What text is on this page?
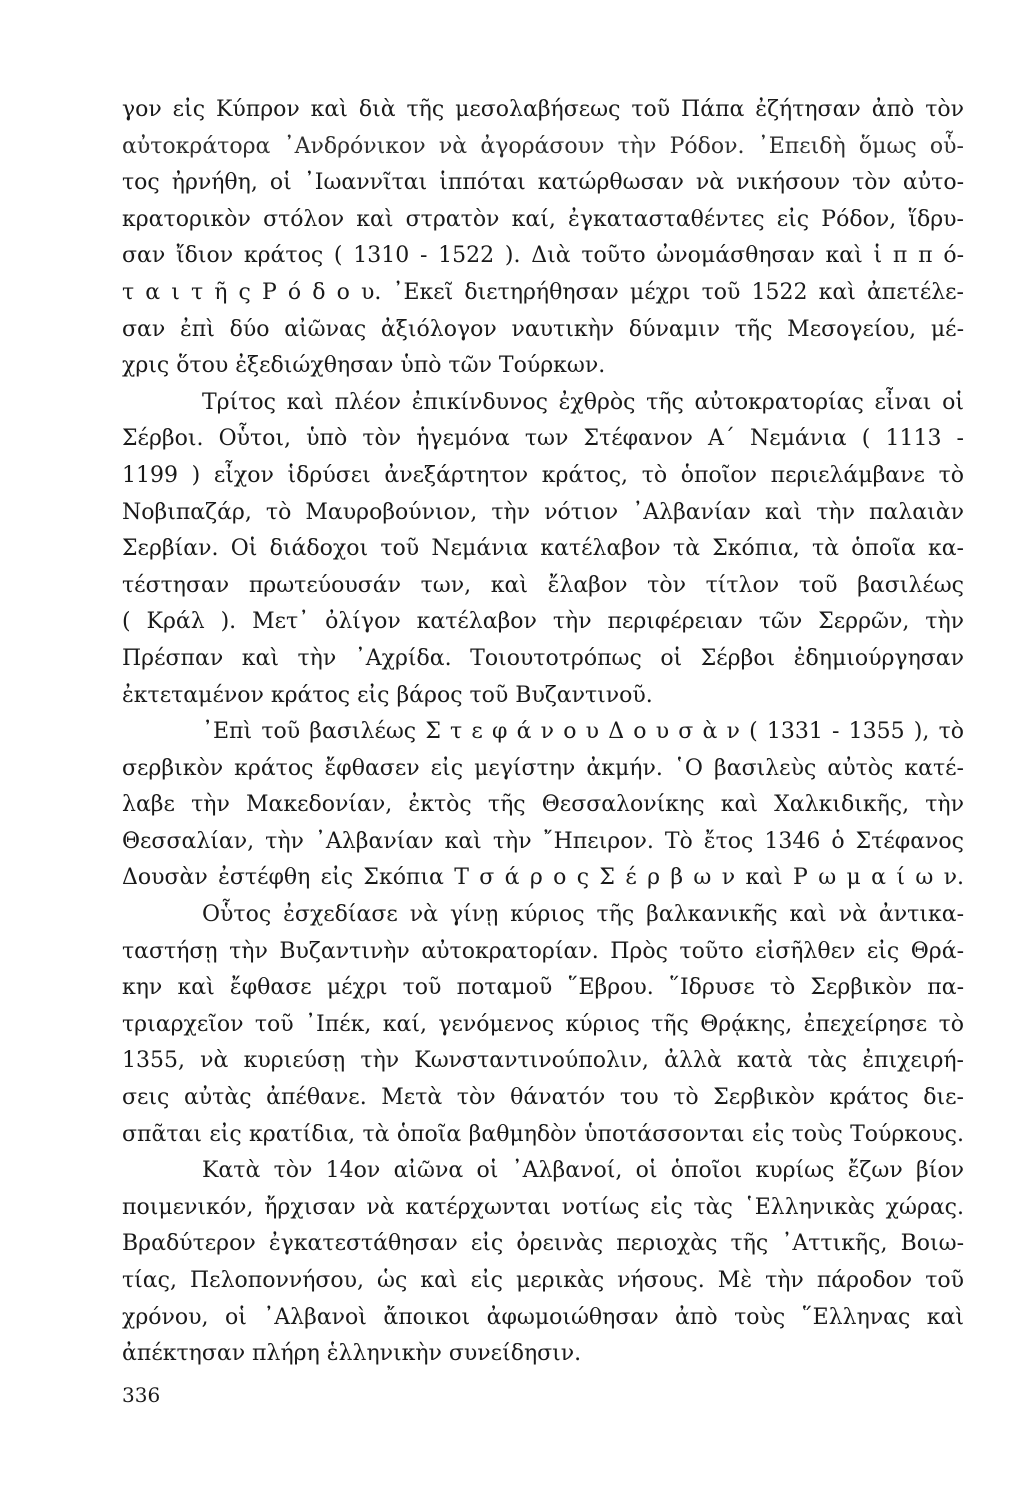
γον εἰς Κύπρον καὶ διὰ τῆς μεσολαβήσεως τοῦ Πάπα ἐζήτησαν ἀπὸ τὸν
αὐτοκράτορα ᾿Ανδρόνικον νὰ ἀγοράσουν τὴν Ρόδον. ᾿Επειδὴ ὅμως οὗ-
τος ἠρνήθη, οἱ ᾿Ιωαννῖται ἱππόται κατώρθωσαν νὰ νικήσουν τὸν αὐτο-
κρατορικὸν στόλον καὶ στρατὸν καί, ἐγκατασταθέντες εἰς Ρόδον, ἵδρυ-
σαν ἴδιον κράτος ( 1310 - 1522 ). Διὰ τοῦτο ὠνομάσθησαν καὶ ἱ π π ό-
τ α ι τ ῆ ς Ρ ό δ ο υ. ᾿Εκεῖ διετηρήθησαν μέχρι τοῦ 1522 καὶ ἀπετέλε-
σαν ἐπὶ δύο αἰῶνας ἀξιόλογον ναυτικὴν δύναμιν τῆς Μεσογείου, μέ-
χρις ὅτου ἐξεδιώχθησαν ὑπὸ τῶν Τούρκων.
Τρίτος καὶ πλέον ἐπικίνδυνος ἐχθρὸς τῆς αὐτοκρατορίας εἶναι οἱ
Σέρβοι. Οὗτοι, ὑπὸ τὸν ἡγεμόνα των Στέφανον Α΄ Νεμάνια ( 1113 -
1199 ) εἶχον ἱδρύσει ἀνεξάρτητον κράτος, τὸ ὁποῖον περιελάμβανε τὸ
Νοβιπαζάρ, τὸ Μαυροβούνιον, τὴν νότιον ᾿Αλβανίαν καὶ τὴν παλαιὰν
Σερβίαν. Οἱ διάδοχοι τοῦ Νεμάνια κατέλαβον τὰ Σκόπια, τὰ ὁποῖα κα-
τέστησαν πρωτεύουσάν των, καὶ ἔλαβον τὸν τίτλον τοῦ βασιλέως
( Κράλ ). Μετ᾿ ὀλίγον κατέλαβον τὴν περιφέρειαν τῶν Σερρῶν, τὴν
Πρέσπαν καὶ τὴν ᾿Αχρίδα. Τοιουτοτρόπως οἱ Σέρβοι ἐδημιούργησαν
ἐκτεταμένον κράτος εἰς βάρος τοῦ Βυζαντινοῦ.
᾿Επὶ τοῦ βασιλέως Σ τ ε φ ά ν ο υ Δ ο υ σ ὰ ν ( 1331 - 1355 ), τὸ
σερβικὸν κράτος ἔφθασεν εἰς μεγίστην ἀκμήν. ῾Ο βασιλεὺς αὐτὸς κατέ-
λαβε τὴν Μακεδονίαν, ἐκτὸς τῆς Θεσσαλονίκης καὶ Χαλκιδικῆς, τὴν
Θεσσαλίαν, τὴν ᾿Αλβανίαν καὶ τὴν ῎Ηπειρον. Τὸ ἔτος 1346 ὁ Στέφανος
Δουσὰν ἐστέφθη εἰς Σκόπια Τ σ ά ρ ο ς Σ έ ρ β ω ν καὶ Ρ ω μ α ί ω ν.
Οὗτος ἐσχεδίασε νὰ γίνῃ κύριος τῆς βαλκανικῆς καὶ νὰ ἀντικα-
ταστήσῃ τὴν Βυζαντινὴν αὐτοκρατορίαν. Πρὸς τοῦτο εἰσῆλθεν εἰς Θρά-
κην καὶ ἔφθασε μέχρι τοῦ ποταμοῦ ῞Εβρου. ῞Ιδρυσε τὸ Σερβικὸν πα-
τριαρχεῖον τοῦ ᾿Ιπέκ, καί, γενόμενος κύριος τῆς Θρᾴκης, ἐπεχείρησε τὸ
1355, νὰ κυριεύσῃ τὴν Κωνσταντινούπολιν, ἀλλὰ κατὰ τὰς ἐπιχειρή-
σεις αὐτὰς ἀπέθανε. Μετὰ τὸν θάνατόν του τὸ Σερβικὸν κράτος διε-
σπᾶται εἰς κρατίδια, τὰ ὁποῖα βαθμηδὸν ὑποτάσσονται εἰς τοὺς Τούρκους.
Κατὰ τὸν 14ον αἰῶνα οἱ ᾿Αλβανοί, οἱ ὁποῖοι κυρίως ἔζων βίον
ποιμενικόν, ἤρχισαν νὰ κατέρχωνται νοτίως εἰς τὰς ῾Ελληνικὰς χώρας.
Βραδύτερον ἐγκατεστάθησαν εἰς ὀρεινὰς περιοχὰς τῆς ᾿Αττικῆς, Βοιω-
τίας, Πελοποννήσου, ὡς καὶ εἰς μερικὰς νήσους. Μὲ τὴν πάροδον τοῦ
χρόνου, οἱ ᾿Αλβανοὶ ἄποικοι ἀφωμοιώθησαν ἀπὸ τοὺς ῞Ελληνας καὶ
ἀπέκτησαν πλήρη ἑλληνικὴν συνείδησιν.
336
